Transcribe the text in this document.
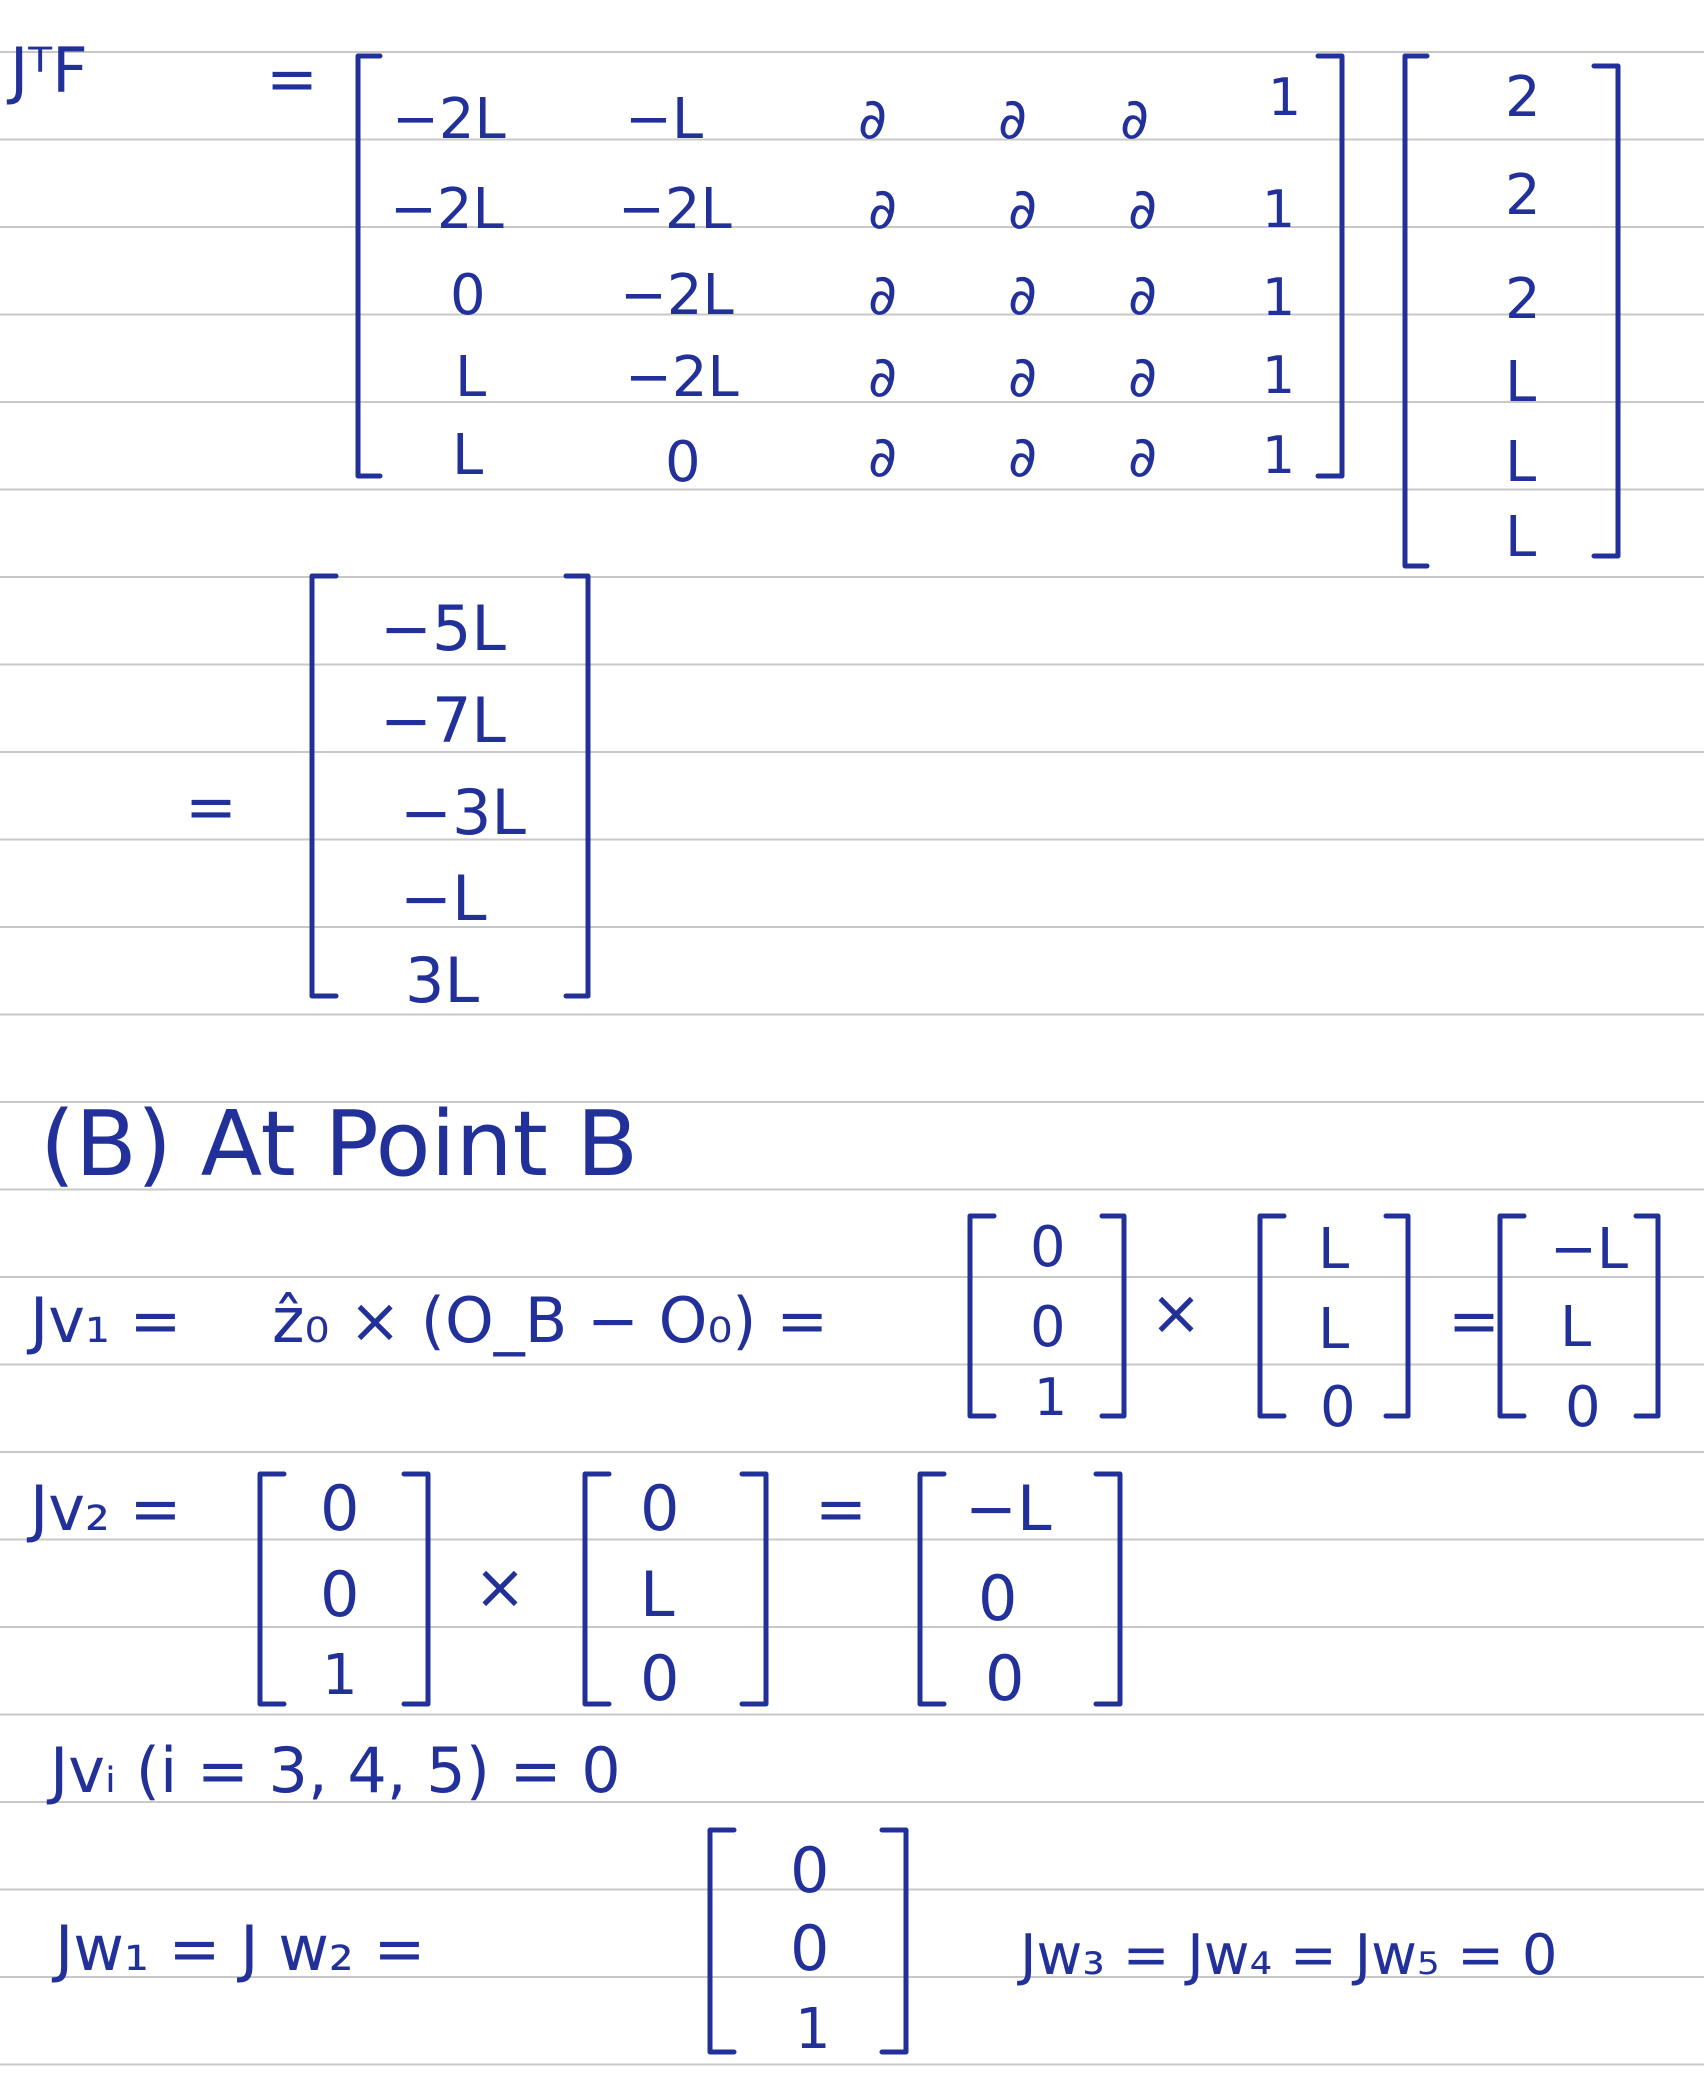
JᵀF	=
−2L −L	∂ ∂ ∂ 1
−2L −2L ∂ ∂ ∂ 1
0 −2L ∂ ∂ ∂ 1
L −2L ∂ ∂ ∂ 1
L	0	∂ ∂ ∂ 1
2
2
2
L
L
L
=
−5L
−7L
−3L
−L
3L
(B) At Point B
Jv₁ = ẑ₀ × (O_B − O₀) =
0
0
1
×
L
L
0
=
−L
L
0
Jv₂ = 0
0
1
×
0
L
0
= −L
0
0
Jvᵢ (i = 3, 4, 5) = 0
Jw₁ = J w₂ =
0
0
1
Jw₃ = Jw₄ = Jw₅ = 0
